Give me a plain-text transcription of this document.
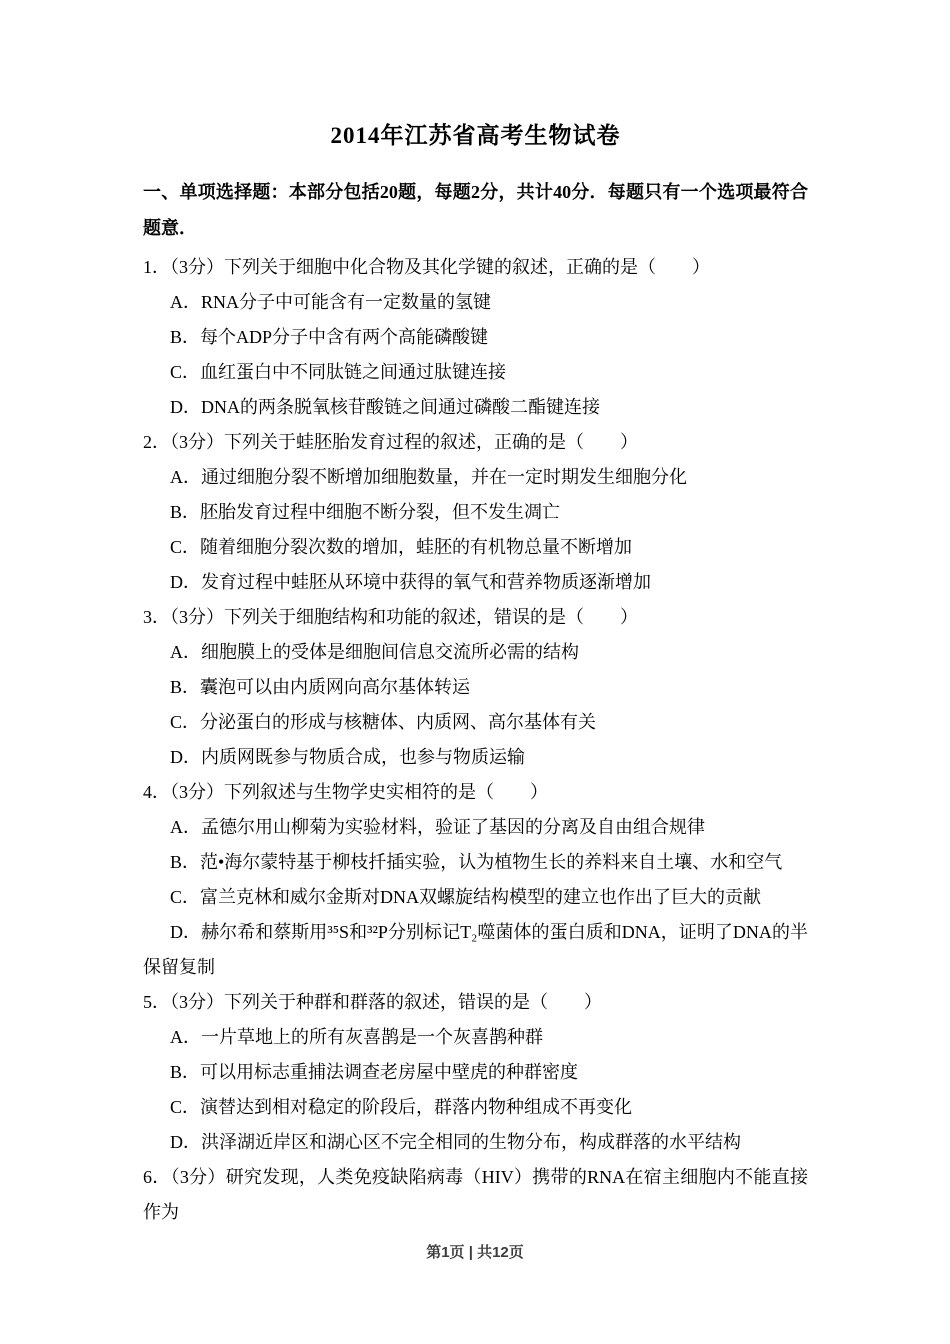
2014年江苏省高考生物试卷

一、单项选择题：本部分包括20题，每题2分，共计40分．每题只有一个选项最符合题意．

1．（3分）下列关于细胞中化合物及其化学键的叙述，正确的是（　　）

A．RNA分子中可能含有一定数量的氢键

B．每个ADP分子中含有两个高能磷酸键

C．血红蛋白中不同肽链之间通过肽键连接

D．DNA的两条脱氧核苷酸链之间通过磷酸二酯键连接

2．（3分）下列关于蛙胚胎发育过程的叙述，正确的是（　　）

A．通过细胞分裂不断增加细胞数量，并在一定时期发生细胞分化

B．胚胎发育过程中细胞不断分裂，但不发生凋亡

C．随着细胞分裂次数的增加，蛙胚的有机物总量不断增加

D．发育过程中蛙胚从环境中获得的氧气和营养物质逐渐增加

3．（3分）下列关于细胞结构和功能的叙述，错误的是（　　）

A．细胞膜上的受体是细胞间信息交流所必需的结构

B．囊泡可以由内质网向高尔基体转运

C．分泌蛋白的形成与核糖体、内质网、高尔基体有关

D．内质网既参与物质合成，也参与物质运输

4．（3分）下列叙述与生物学史实相符的是（　　）

A．孟德尔用山柳菊为实验材料，验证了基因的分离及自由组合规律

B．范•海尔蒙特基于柳枝扦插实验，认为植物生长的养料来自土壤、水和空气

C．富兰克林和威尔金斯对DNA双螺旋结构模型的建立也作出了巨大的贡献

D．赫尔希和蔡斯用³⁵S和³²P分别标记T₂噬菌体的蛋白质和DNA，证明了DNA的半保留复制

5．（3分）下列关于种群和群落的叙述，错误的是（　　）

A．一片草地上的所有灰喜鹊是一个灰喜鹊种群

B．可以用标志重捕法调查老房屋中壁虎的种群密度

C．演替达到相对稳定的阶段后，群落内物种组成不再变化

D．洪泽湖近岸区和湖心区不完全相同的生物分布，构成群落的水平结构

6．（3分）研究发现，人类免疫缺陷病毒（HIV）携带的RNA在宿主细胞内不能直接作为

第1页 | 共12页
